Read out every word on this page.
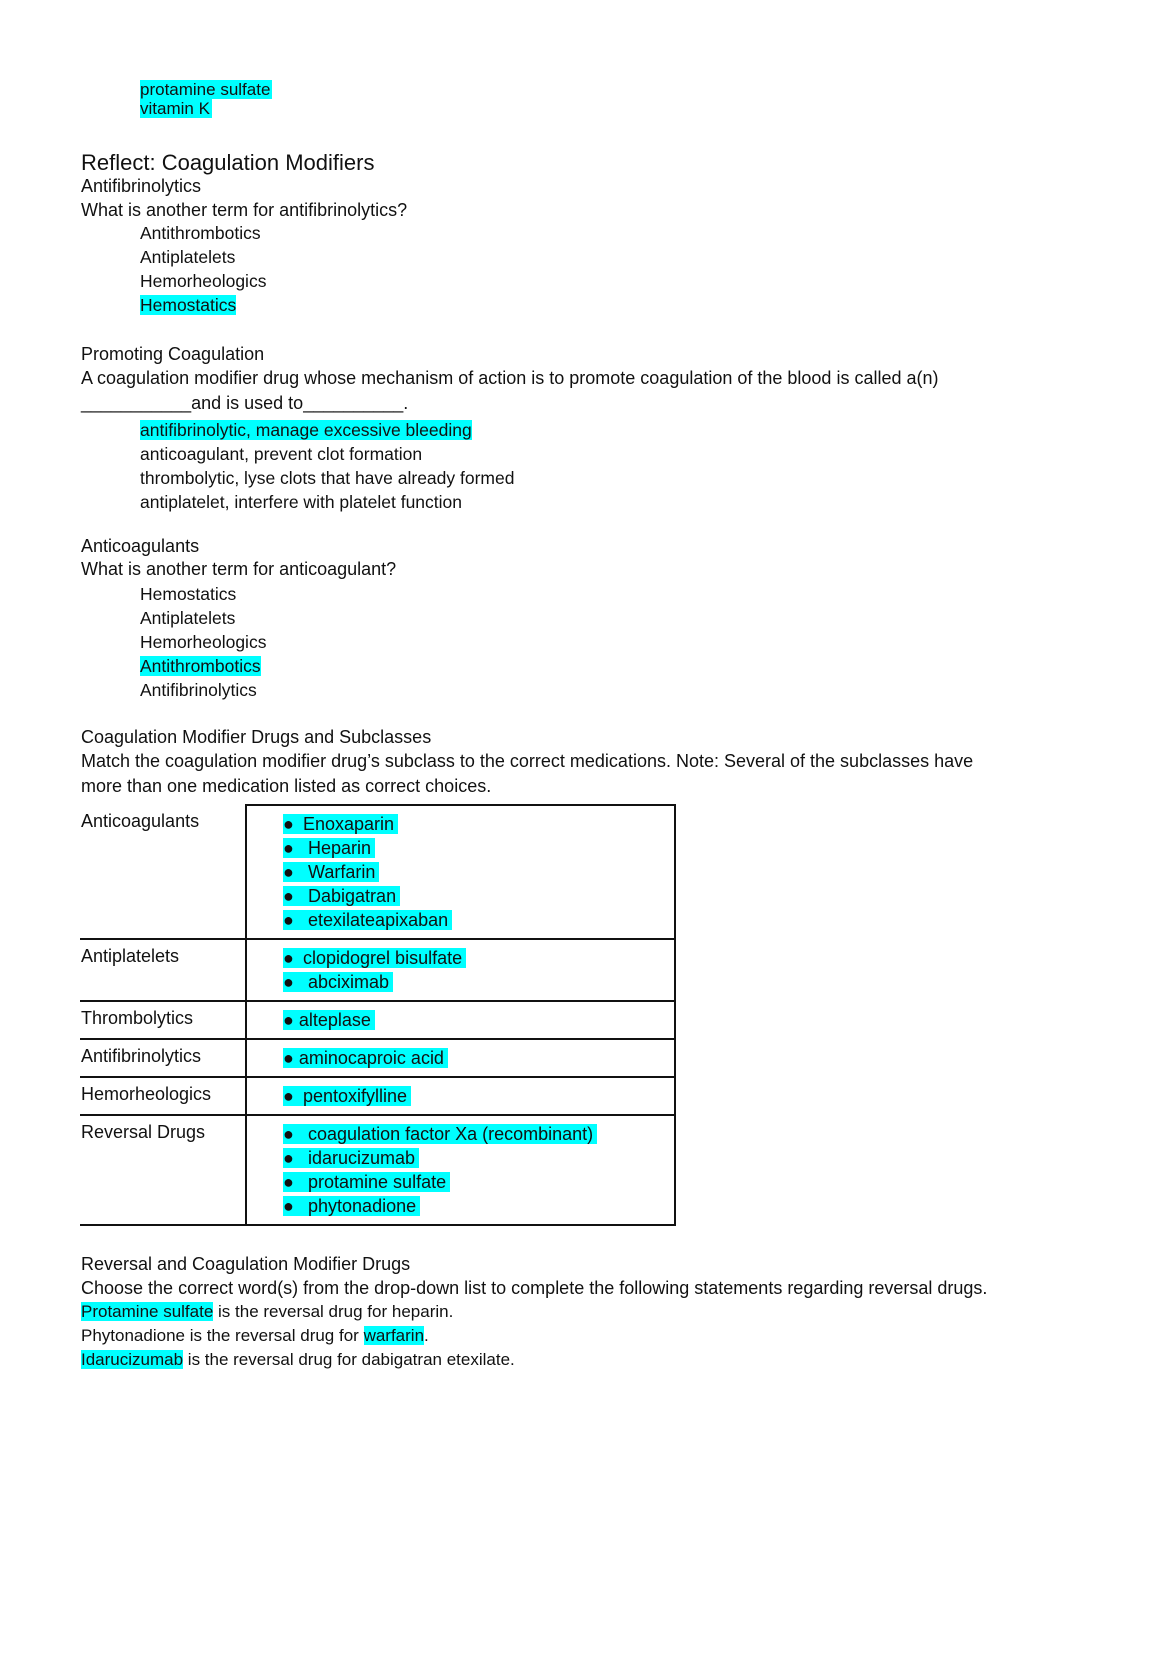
protamine sulfate
vitamin K
Reflect: Coagulation Modifiers
Antifibrinolytics
What is another term for antifibrinolytics?
Antithrombotics
Antiplatelets
Hemorheologics
Hemostatics
Promoting Coagulation
A coagulation modifier drug whose mechanism of action is to promote coagulation of the blood is called a(n)
___________and is used to__________.
antifibrinolytic, manage excessive bleeding
anticoagulant, prevent clot formation
thrombolytic, lyse clots that have already formed
antiplatelet, interfere with platelet function
Anticoagulants
What is another term for anticoagulant?
Hemostatics
Antiplatelets
Hemorheologics
Antithrombotics
Antifibrinolytics
Coagulation Modifier Drugs and Subclasses
Match the coagulation modifier drug’s subclass to the correct medications. Note: Several of the subclasses have
more than one medication listed as correct choices.
Anticoagulants	● Enoxaparin
● Heparin
● Warfarin
● Dabigatran
● etexilateapixaban

Antiplatelets	● clopidogrel bisulfate
● abciximab

Thrombolytics	● alteplase

Antifibrinolytics	● aminocaproic acid

Hemorheologics	● pentoxifylline

Reversal Drugs	● coagulation factor Xa (recombinant)
● idarucizumab
● protamine sulfate
● phytonadione

Reversal and Coagulation Modifier Drugs

Choose the correct word(s) from the drop-down list to complete the following statements regarding reversal drugs.

Protamine sulfate is the reversal drug for heparin.

Phytonadione is the reversal drug for warfarin.

Idarucizumab is the reversal drug for dabigatran etexilate.
